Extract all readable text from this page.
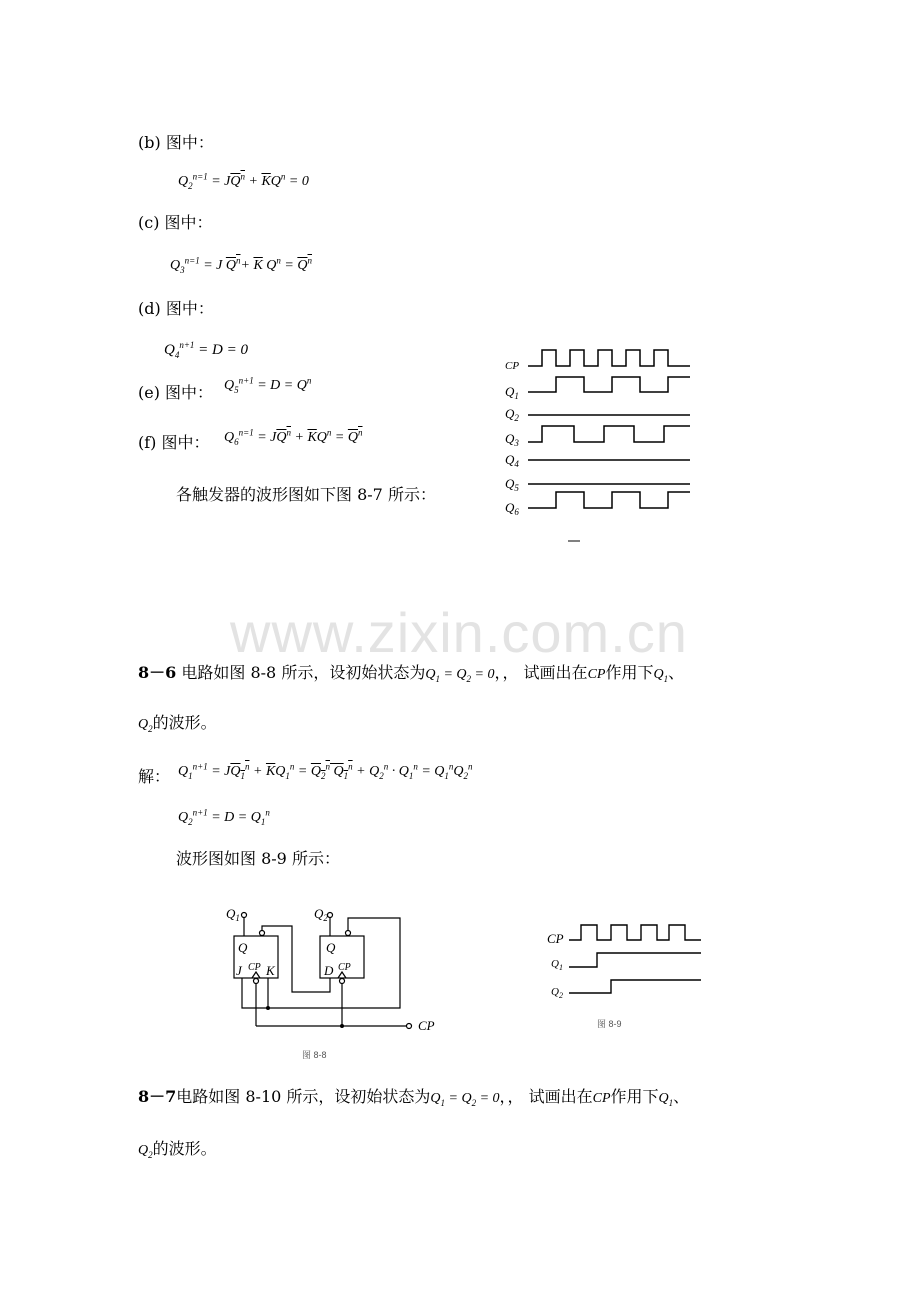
www.zixin.com.cn
(b) 图中：
$Q_2^{n=1} = JQ^n + \overline{K}Q^n = 0$
(c) 图中：
$Q_3^{n=1} = J$ $Q^n+ \overline{K}$ $Q^n = Q^n$
(d) 图中：
$Q_4^{n+1} = D = 0$
(e) 图中： $Q_5^{n+1} = D = Q^n$
(f) 图中： $Q_6^{n=1} = JQ^n + \overline{K}Q^n = Q^n$
各触发器的波形图如下图 8-7 所示：
CP
$Q_1$
$Q_2$
$Q_3$
$Q_4$
$Q_5$
$Q_6$
8－6 电路如图 8-8 所示，设初始状态为$Q_1 = Q_2 = 0$，， 试画出在CP作用下$Q_1$、
$Q_2$的波形。
解： $Q_1^{n+1} = JQ_1^n + \overline{K}Q_1^n = Q_2^n$ $Q_1^n + Q_2^n \cdot Q_1^n = Q_1^nQ_2^n$
$Q_2^{n+1} = D = Q_1^n$
波形图如图 8-9 所示：
$Q_1$	$Q_2$
Q
J CP K
Q
D CP
CP
图 8-8
CP
$Q_1$
$Q_2$
图 8-9
8－7电路如图 8-10 所示，设初始状态为$Q_1 = Q_2 = 0$，， 试画出在CP作用下$Q_1$、
$Q_2$的波形。
